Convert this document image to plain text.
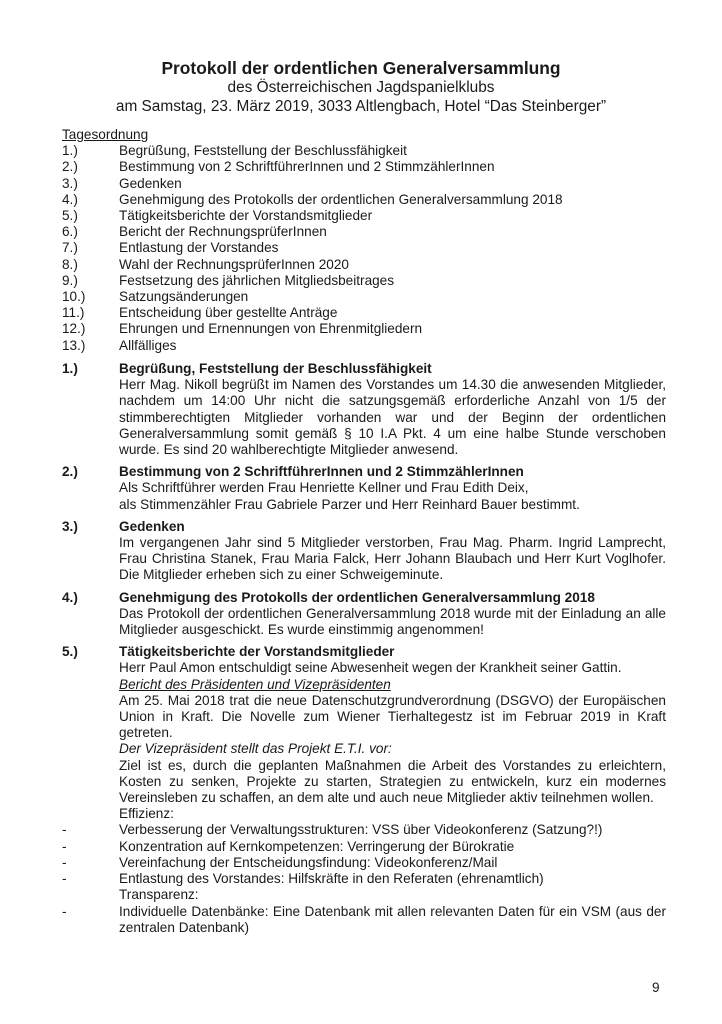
Protokoll der ordentlichen Generalversammlung
des Österreichischen Jagdspanielklubs
am Samstag, 23. März 2019, 3033 Altlengbach, Hotel “Das Steinberger”
Tagesordnung
1.)	Begrüßung, Feststellung der Beschlussfähigkeit
2.)	Bestimmung von 2 SchriftführerInnen und 2 StimmzählerInnen
3.)	Gedenken
4.)	Genehmigung des Protokolls der ordentlichen Generalversammlung 2018
5.)	Tätigkeitsberichte der Vorstandsmitglieder
6.)	Bericht der RechnungsprüferInnen
7.)	Entlastung der Vorstandes
8.)	Wahl der RechnungsprüferInnen 2020
9.)	Festsetzung des jährlichen Mitgliedsbeitrages
10.)	Satzungsänderungen
11.)	Entscheidung über gestellte Anträge
12.)	Ehrungen und Ernennungen von Ehrenmitgliedern
13.)	Allfälliges
1.)	Begrüßung, Feststellung der Beschlussfähigkeit
Herr Mag. Nikoll begrüßt im Namen des Vorstandes um 14.30 die anwesenden Mitglieder, nachdem um 14:00 Uhr nicht die satzungsgemäß erforderliche Anzahl von 1/5 der stimmberechtigten Mitglieder vorhanden war und der Beginn der ordentlichen Generalversammlung somit gemäß § 10 I.A Pkt. 4 um eine halbe Stunde verschoben wurde. Es sind 20 wahlberechtigte Mitglieder anwesend.
2.)	Bestimmung von 2 SchriftführerInnen und 2 StimmzählerInnen
Als Schriftführer werden Frau Henriette Kellner und Frau Edith Deix,
als Stimmenzähler Frau Gabriele Parzer und Herr Reinhard Bauer bestimmt.
3.)	Gedenken
Im vergangenen Jahr sind 5 Mitglieder verstorben, Frau Mag. Pharm. Ingrid Lamprecht, Frau Christina Stanek, Frau Maria Falck, Herr Johann Blaubach und Herr Kurt Voglhofer. Die Mitglieder erheben sich zu einer Schweigeminute.
4.)	Genehmigung des Protokolls der ordentlichen Generalversammlung 2018
Das Protokoll der ordentlichen Generalversammlung 2018 wurde mit der Einladung an alle Mitglieder ausgeschickt. Es wurde einstimmig angenommen!
5.)	Tätigkeitsberichte der Vorstandsmitglieder
Herr Paul Amon entschuldigt seine Abwesenheit wegen der Krankheit seiner Gattin.
Bericht des Präsidenten und Vizepräsidenten
Am 25. Mai 2018 trat die neue Datenschutzgrundverordnung (DSGVO) der Europäischen Union in Kraft. Die Novelle zum Wiener Tierhaltegestz ist im Februar 2019 in Kraft getreten.
Der Vizepräsident stellt das Projekt E.T.I. vor:
Ziel ist es, durch die geplanten Maßnahmen die Arbeit des Vorstandes zu erleichtern, Kosten zu senken, Projekte zu starten, Strategien zu entwickeln, kurz ein modernes Vereinsleben zu schaffen, an dem alte und auch neue Mitglieder aktiv teilnehmen wollen.
Effizienz:
-	Verbesserung der Verwaltungsstrukturen: VSS über Videokonferenz (Satzung?!)
-	Konzentration auf Kernkompetenzen: Verringerung der Bürokratie
-	Vereinfachung der Entscheidungsfindung: Videokonferenz/Mail
-	Entlastung des Vorstandes: Hilfskräfte in den Referaten (ehrenamtlich)
Transparenz:
-	Individuelle Datenbänke: Eine Datenbank mit allen relevanten Daten für ein VSM (aus der zentralen Datenbank)
9
